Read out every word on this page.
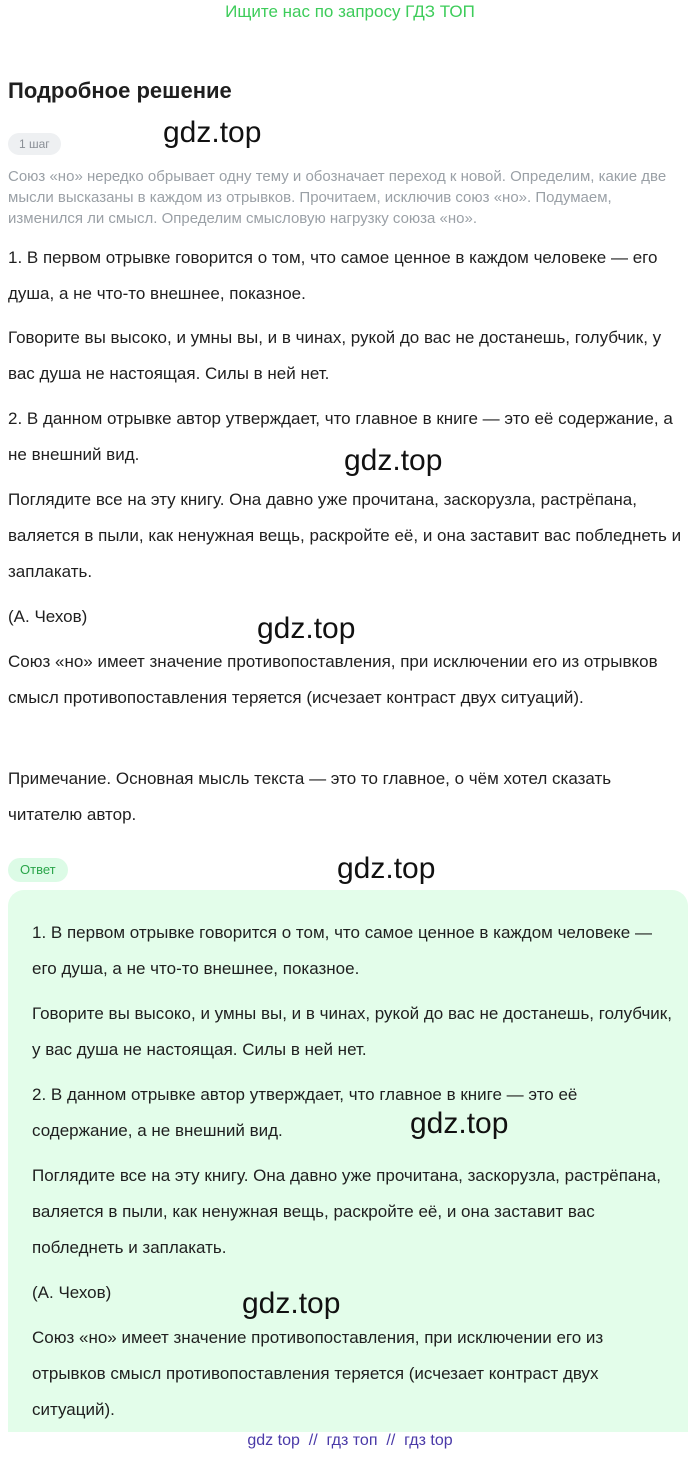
Ищите нас по запросу ГДЗ ТОП
Подробное решение
1 шаг

Союз «но» нередко обрывает одну тему и обозначает переход к новой. Определим, какие две мысли высказаны в каждом из отрывков. Прочитаем, исключив союз «но». Подумаем, изменился ли смысл. Определим смысловую нагрузку союза «но».

1. В первом отрывке говорится о том, что самое ценное в каждом человеке — его душа, а не что-то внешнее, показное.

Говорите вы высоко, и умны вы, и в чинах, рукой до вас не достанешь, голубчик, у вас душа не настоящая. Силы в ней нет.

2. В данном отрывке автор утверждает, что главное в книге — это её содержание, а не внешний вид.

Поглядите все на эту книгу. Она давно уже прочитана, заскорузла, растрёпана, валяется в пыли, как ненужная вещь, раскройте её, и она заставит вас побледнеть и заплакать.

(А. Чехов)

Союз «но» имеет значение противопоставления, при исключении его из отрывков смысл противопоставления теряется (исчезает контраст двух ситуаций).

Примечание. Основная мысль текста — это то главное, о чём хотел сказать читателю автор.

Ответ

1. В первом отрывке говорится о том, что самое ценное в каждом человеке — его душа, а не что-то внешнее, показное.

Говорите вы высоко, и умны вы, и в чинах, рукой до вас не достанешь, голубчик, у вас душа не настоящая. Силы в ней нет.

2. В данном отрывке автор утверждает, что главное в книге — это её содержание, а не внешний вид.

Поглядите все на эту книгу. Она давно уже прочитана, заскорузла, растрёпана, валяется в пыли, как ненужная вещь, раскройте её, и она заставит вас побледнеть и заплакать.

(А. Чехов)

Союз «но» имеет значение противопоставления, при исключении его из отрывков смысл противопоставления теряется (исчезает контраст двух ситуаций).

gdz.top
gdz.top
gdz.top
gdz.top
gdz.top
gdz.top
gdz top  //  гдз топ  //  гдз top
